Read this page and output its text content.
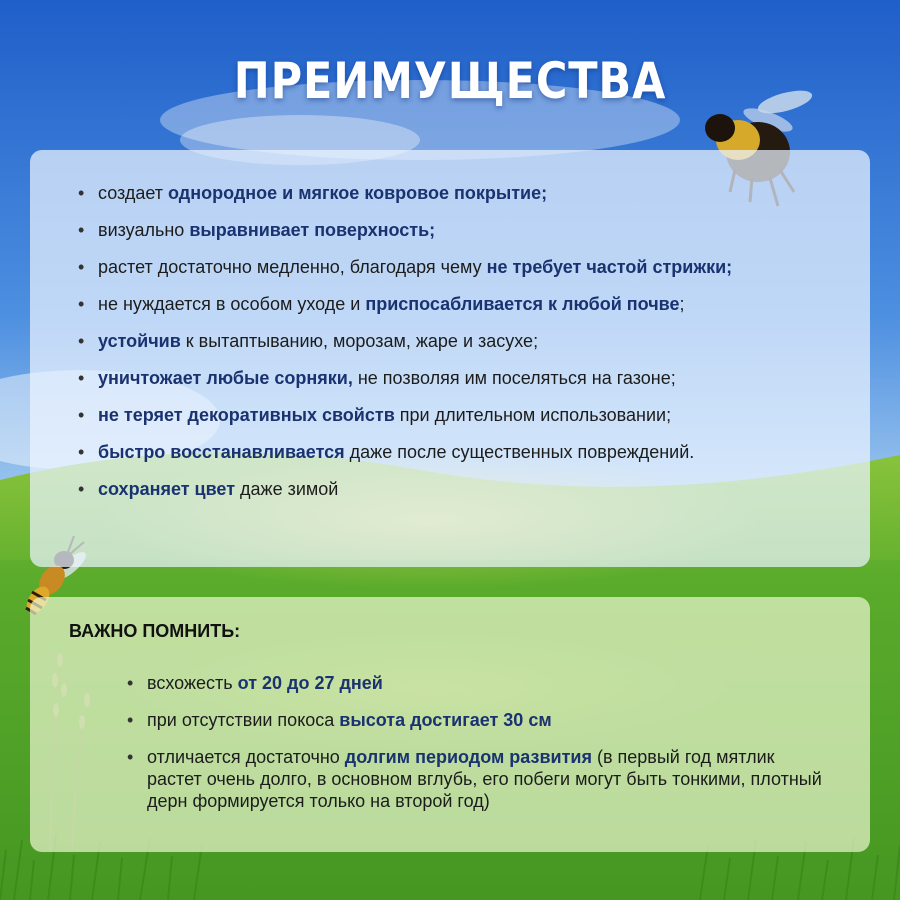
ПРЕИМУЩЕСТВА
• создает однородное и мягкое ковровое покрытие;
• визуально выравнивает поверхность;
• растет достаточно медленно, благодаря чему не требует частой стрижки;
• не нуждается в особом уходе и приспосабливается к любой почве;
• устойчив к вытаптыванию, морозам, жаре и засухе;
• уничтожает любые сорняки, не позволяя им поселяться на газоне;
• не теряет декоративных свойств при длительном использовании;
• быстро восстанавливается даже после существенных повреждений.
• сохраняет цвет даже зимой
ВАЖНО ПОМНИТЬ:
• всхожесть от 20 до 27 дней
• при отсутствии покоса высота достигает 30 см
• отличается достаточно долгим периодом развития (в первый год мятлик растет очень долго, в основном вглубь, его побеги могут быть тонкими, плотный дерн формируется только на второй год)
